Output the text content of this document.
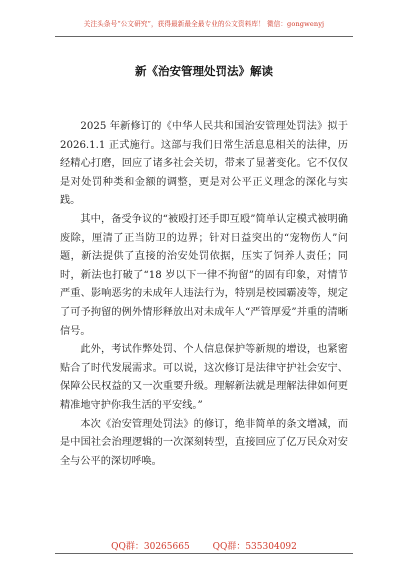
关注头条号“公文研究”，获得最新最全最专业的公文资料库！ 微信：gongwenyj
新《治安管理处罚法》解读

2025 年新修订的《中华人民共和国治安管理处罚法》拟于 2026.1.1 正式施行。这部与我们日常生活息息相关的法律，历经精心打磨，回应了诸多社会关切，带来了显著变化。它不仅仅是对处罚种类和金额的调整，更是对公平正义理念的深化与实践。

其中，备受争议的“被殴打还手即互殴”简单认定模式被明确废除，厘清了正当防卫的边界；针对日益突出的“宠物伤人”问题，新法提供了直接的治安处罚依据，压实了饲养人责任；同时，新法也打破了“18 岁以下一律不拘留”的固有印象，对情节严重、影响恶劣的未成年人违法行为，特别是校园霸凌等，规定了可予拘留的例外情形释放出对未成年人“严管厚爱”并重的清晰信号。

此外，考试作弊处罚、个人信息保护等新规的增设，也紧密贴合了时代发展需求。可以说，这次修订是法律守护社会安宁、保障公民权益的又一次重要升级。理解新法就是理解法律如何更精准地守护你我生活的平安线。”

本次《治安管理处罚法》的修订，绝非简单的条文增减，而是中国社会治理逻辑的一次深刻转型，直接回应了亿万民众对安全与公平的深切呼唤。

QQ群：30265665	QQ群：535304092
